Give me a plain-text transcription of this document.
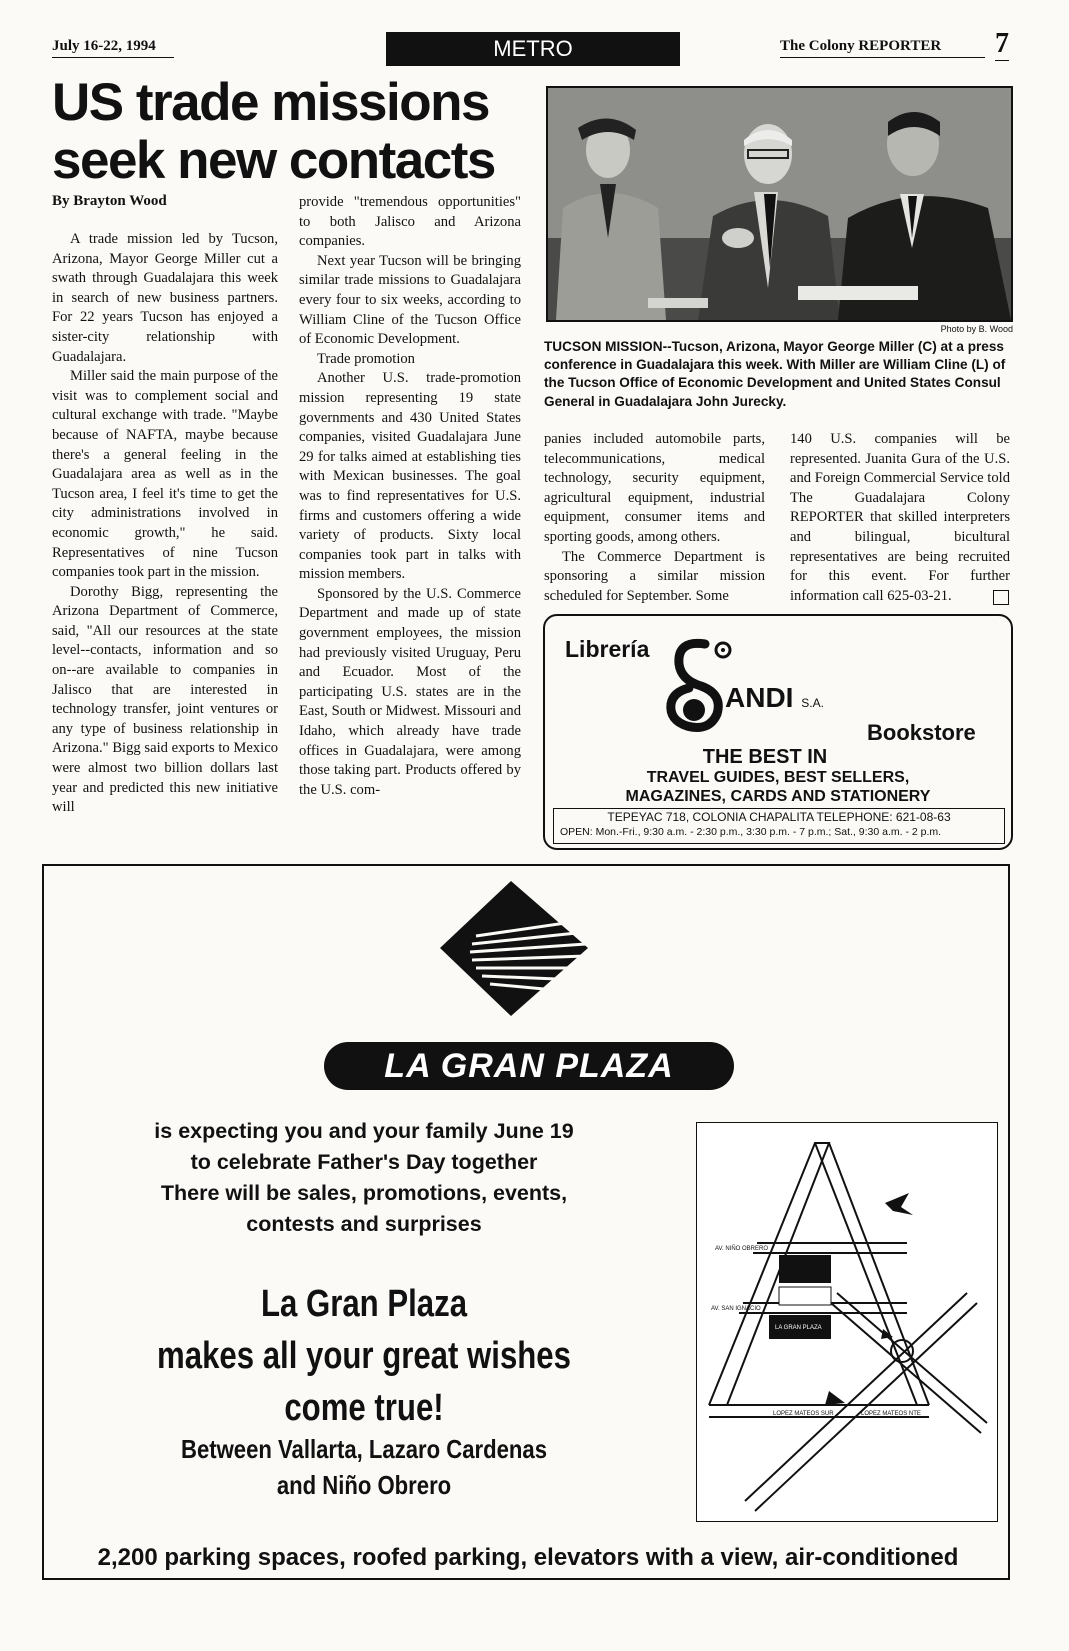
July 16-22, 1994	METRO	The Colony REPORTER	7
US trade missions seek new contacts
By Brayton Wood

A trade mission led by Tucson, Arizona, Mayor George Miller cut a swath through Guadalajara this week in search of new business partners. For 22 years Tucson has enjoyed a sister-city relationship with Guadalajara.

Miller said the main purpose of the visit was to complement social and cultural exchange with trade. "Maybe because of NAFTA, maybe because there's a general feeling in the Guadalajara area as well as in the Tucson area, I feel it's time to get the city administrations involved in economic growth," he said. Representatives of nine Tucson companies took part in the mission.

Dorothy Bigg, representing the Arizona Department of Commerce, said, "All our resources at the state level--contacts, information and so on--are available to companies in Jalisco that are interested in technology transfer, joint ventures or any type of business relationship in Arizona." Bigg said exports to Mexico were almost two billion dollars last year and predicted this new initiative will

provide "tremendous opportunities" to both Jalisco and Arizona companies.

Next year Tucson will be bringing similar trade missions to Guadalajara every four to six weeks, according to William Cline of the Tucson Office of Economic Development.

Trade promotion

Another U.S. trade-promotion mission representing 19 state governments and 430 United States companies, visited Guadalajara June 29 for talks aimed at establishing ties with Mexican businesses. The goal was to find representatives for U.S. firms and customers offering a wide variety of products. Sixty local companies took part in talks with mission members.

Sponsored by the U.S. Commerce Department and made up of state government employees, the mission had previously visited Uruguay, Peru and Ecuador. Most of the participating U.S. states are in the East, South or Midwest. Missouri and Idaho, which already have trade offices in Guadalajara, were among those taking part. Products offered by the U.S. com-

Photo by B. Wood
TUCSON MISSION--Tucson, Arizona, Mayor George Miller (C) at a press conference in Guadalajara this week. With Miller are William Cline (L) of the Tucson Office of Economic Development and United States Consul General in Guadalajara John Jurecky.

panies included automobile parts, telecommunications, medical technology, security equipment, agricultural equipment, industrial equipment, consumer items and sporting goods, among others.

The Commerce Department is sponsoring a similar mission scheduled for September. Some

140 U.S. companies will be represented. Juanita Gura of the U.S. and Foreign Commercial Service told The Guadalajara Colony REPORTER that skilled interpreters and bilingual, bicultural representatives are being recruited for this event. For further information call 625-03-21.

Librería
ANDI S.A.
Bookstore
THE BEST IN
TRAVEL GUIDES, BEST SELLERS,
MAGAZINES, CARDS AND STATIONERY
TEPEYAC 718, COLONIA CHAPALITA TELEPHONE: 621-08-63
OPEN: Mon.-Fri., 9:30 a.m. - 2:30 p.m., 3:30 p.m. - 7 p.m.; Sat., 9:30 a.m. - 2 p.m.
LA GRAN PLAZA
is expecting you and your family June 19
to celebrate Father's Day together
There will be sales, promotions, events,
contests and surprises
La Gran Plaza
makes all your great wishes
come true!
Between Vallarta, Lazaro Cardenas
and Niño Obrero
AV. NIÑO OBRERO
AV. SAN IGNACIO
LOPEZ MATEOS SUR	LOPEZ MATEOS NTE
LA GRAN PLAZA
2,200 parking spaces, roofed parking, elevators with a view, air-conditioned
